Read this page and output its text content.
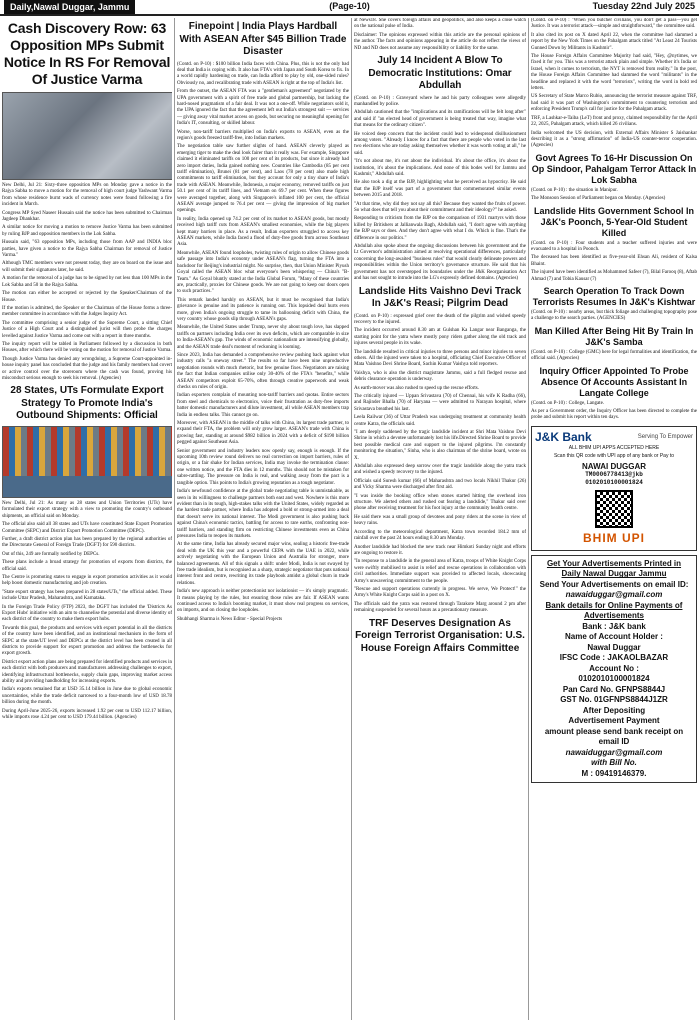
Daily,Nawal Duggar, Jammu	(Page-10)	Tuesday 22nd July 2025
Cash Discovery Row: 63 Opposition MPs Submit Notice In RS For Removal Of Justice Varma

New Delhi, Jul 21: Sixty-three opposition MPs on Monday gave a notice in the Rajya Sabha to move a motion for the removal of high court judge Yashwant Varma from whose residence burnt wads of currency notes were found following a fire incident in March.

Congress MP Syed Naseer Hussain said the notice has been submitted to Chairman Jagdeep Dhankhar.

A similar notice for moving a motion to remove Justice Varma has been submitted by ruling BJP and opposition members in the Lok Sabha.

Hussain said, "63 opposition MPs, including those from AAP and INDIA bloc parties, have given a notice to the Rajya Sabha Chairman for removal of Justice Varma."

Although TMC members were not present today, they are on board on the issue and will submit their signatures later, he said.

A motion for the removal of a judge has to be signed by not less than 100 MPs in the Lok Sabha and 50 in the Rajya Sabha.

The motion can either be accepted or rejected by the Speaker/Chairman of the House.

If the motion is admitted, the Speaker or the Chairman of the House forms a three-member committee in accordance with the Judges Inquiry Act.

The committee comprising a senior judge of the Supreme Court, a sitting Chief Justice of a High Court and a distinguished jurist will then probe the charges levelled against Justice Varma and come out with a report in three months.

The inquiry report will be tabled in Parliament followed by a discussion in both Houses, after which there will be voting on the motion for removal of Justice Varma.

Though Justice Varma has denied any wrongdoing, a Supreme Court-appointed in-house inquiry panel has concluded that the judge and his family members had covert or active control over the storeroom where the cash was found, proving his misconduct serious enough to seek his removal. (Agencies)

28 States, UTs Formulate Export Strategy To Promote India's Outbound Shipments: Official

New Delhi, Jul 21: As many as 28 states and Union Territories (UTs) have formulated their export strategy with a view to promoting the country's outbound shipments, an official said on Monday.

The official also said all 38 states and UTs have constituted State Export Promotion Committee (SEPC) and District Export Promotion Committee (DEPC).

Further, a draft district action plan has been prepared by the regional authorities of the Directorate General of Foreign Trade (DGFT) for 590 districts.

Out of this, 249 are formally notified by DEPCs.

These plans include a broad strategy for promotion of exports from districts, the official said.

The Centre is promoting states to engage in export promotion activities as it would help boost domestic manufacturing and job creation.

"State export strategy has been prepared in 28 states/UTs," the official added. These include Uttar Pradesh, Maharashtra, and Karnataka.

In the Foreign Trade Policy (FTP) 2023, the DGFT has included the 'Districts As Export Hubs' initiative with an aim to channelise the potential and diverse identity of each district of the country to make them export hubs.

Towards this goal, the products and services with export potential in all the districts of the country have been identified, and an institutional mechanism in the form of SEPC at the state/UT level and DEPCs at the district level has been created in all districts to provide support for export promotion and address the bottlenecks for export growth.

District export action plans are being prepared for identified products and services in each district with both producers and manufacturers addressing challenges to export, identifying infrastructural bottlenecks, supply chain gaps, improving market access ability and providing handholding for increasing exports.

India's exports remained flat at USD 35.14 billion in June due to global economic uncertainties, while the trade deficit narrowed to a four-month low of USD 18.78 billion during the month.

During April-June 2025-26, exports increased 1.92 per cent to USD 112.17 billion, while imports rose 4.24 per cent to USD 179.44 billion. (Agencies)

Finepoint | India Plays Hardball With ASEAN After $45 Billion Trade Disaster

(Contd. on P-10) : $100 billion India faces with China. Plus, this is not the only bad deal that India is coping with. It also has FTA's with Japan and South Korea to fix. In a world rapidly hardening on trade, can India afford to play by old, one-sided rules? Obviously no, and recalibrating trade with ASEAN is right at the top of India's list.

From the outset, the ASEAN FTA was a "gentleman's agreement" negotiated by the UPA government with a spirit of free trade and global partnership, but lacking the hard-nosed pragmatism of a fair deal. It was not a one-off. While negotiators sold it, the UPA ignored the fact that the agreement left out India's strongest suit — services — giving away vital market access on goods, but securing no meaningful opening for India's IT, consulting, or skilled labour.

Worse, non-tariff barriers multiplied on India's exports to ASEAN, even as the region's goods freezed tariff-free, into Indian markets.

The negotiation table saw further slights of hand. ASEAN cleverly played as emerging tiger to make the deal look fairer than it really was. For example, Singapore claimed it eliminated tariffs on 100 per cent of its products, but since it already had zero import duties, India gained nothing new. Countries like Cambodia (85 per cent tariff elimination), Brunei (81 per cent), and Laos (78 per cent) also made high commitments to tariff elimination, but they account for only a tiny share of India's trade with ASEAN. Meanwhile, Indonesia, a major economy, removed tariffs on just 50.1 per cent of its tariff lines, and Vietnam on 69.7 per cent. When these figures were averaged together, along with Singapore's inflated 100 per cent, the official ASEAN average jumped to 76.4 per cent — giving the impression of big market openings.

In reality, India opened up 74.2 per cent of its market to ASEAN goods, but mostly received high tariff cuts from ASEAN's smallest economies, while the big players kept many barriers in place. As a result, Indian exporters struggled to access key ASEAN markets, while India faced a flood of duty-free goods from across Southeast Asia.

Meanwhile, ASEAN found loopholes, twisting rules of origin to allow Chinese goods safe passage into India's economy under ASEAN's flag, turning the FTA into a backdoor for Beijing's industrial might. No surprise, then, that Union Minister Piyush Goyal called the ASEAN bloc what everyone's been whispering — China's "B-Team." As Goyal bluntly stated at the India Global Forum, "Many of these countries are, practically, proxies for Chinese goods. We are not going to keep our doors open to such practices."

This remark landed harshly on ASEAN, but it must be recognised that India's grievance is genuine and its patience is running out. This lopsided deal hurts even more, given India's ongoing struggle to tame its ballooning deficit with China, the very country whose goods slip through ASEAN's gaps.

Meanwhile, the United States under Trump, never shy about tough love, has slapped tariffs on partners including India over its own deficits, which are comparable in size to India-ASEAN's gap. The winds of economic nationalism are intensifying globally, and the ASEAN trade deal's moment of reckoning is looming.

Since 2023, India has demanded a comprehensive review pushing back against what industry calls "a oneway street." The results so far have been nine unproductive negotiation rounds with much rhetoric, but few genuine fixes. Negotiators are raising the fact that Indian companies utilise only 30-40% of the FTA's "benefits," while ASEAN competitors exploit 65-70%, often through creative paperwork and weak checks on rules of origin.

Indian exporters complain of mounting non-tariff barriers and quotas. Entire sectors from steel and chemicals to electronics, voice their frustration as duty-free imports batter domestic manufacturers and dilute investment, all while ASEAN members trap India in endless talks. This cannot go on.

Moreover, with ASEAN in the middle of talks with China, its largest trade partner, to expand their FTA, the problem will only grow larger. ASEAN's trade with China is growing fast, standing at around $982 billion in 2024 with a deficit of $190 billion pegged against Southeast Asia.

Senior government and industry leaders now openly say, enough is enough. If the upcoming 10th review round delivers no real correction on import barriers, rules of origin, or a fair shake for Indian services, India may invoke the termination clause: one written notice, and the FTA dies in 12 months. This should not be mistaken for sabre-rattling. The pressure on India is real, and walking away from the pact is a tangible option. This points to India's growing reputation as a tough negotiator.

India's newfound confidence at the global trade negotiating table is unmistakable, as seen in its willingness to challenge partners both east and west. Nowhere is this more evident than in its tough, high-stakes talks with the United States, widely regarded as the hardest trade partner, where India has adopted a bold or strong-armed into a deal that doesn't serve its national interest. The Modi government is also pushing back against China's economic tactics, battling for access to rare earths, confronting non-tariff barriers, and standing firm on restricting Chinese investments even as China pressures India to reopen its markets.

At the same time, India has already secured major wins, sealing a historic free-trade deal with the UK this year and a powerful CEPA with the UAE in 2022, while actively negotiating with the European Union and Australia for stronger, more balanced agreements. All of this signals a shift: under Modi, India is not swayed by free trade idealism, but is recognised as a sharp, strategic negotiator that puts national interest front and centre, rewriting its trade playbook amidst a global churn in trade relations.

India's new approach is neither protectionist nor isolationist — it's simply pragmatic. It means playing by the rules, but ensuring those rules are fair. If ASEAN wants continued access to India's booming market, it must show real progress on services, on imports, and on closing the loopholes.

Shubhangi Sharma is News Editor - Special Projects

at News18. She covers foreign affairs and geopolitics, and also keeps a close watch on the national pulse of India.

Disclaimer: The opinions expressed within this article are the personal opinions of the author. The facts and opinions appearing in the article do not reflect the views of ND and ND does not assume any responsibility or liability for the same.

July 14 Incident A Blow To Democratic Institutions: Omar Abdullah

(Contd. on P-10) : Graveyard where he and his party colleagues were allegedly manhandled by police.

Abdullah cautioned that the "implications and its ramifications will be felt long after" and said if "an elected head of government is being treated that way, imagine what that means for the ordinary citizen".

He voiced deep concern that the incident could lead to widespread disillusionment among voters. "Already I know for a fact that there are people who voted in the last two elections who are today asking themselves whether it was worth voting at all," he said.

"It's not about me, it's not about the individual. It's about the office, it's about the institution, it's about the implications. And none of this bodes well for Jammu and Kashmir," Abdullah said.

He also took a dig at the BJP, highlighting what he perceived as hypocrisy. He said that the BJP itself was part of a government that commemorated similar events between 2015 and 2018.

"At that time, why did they not say all this? Because they wanted the fruits of power. So what does that tell you about their commitment and their ideology?" he asked.

Responding to criticism from the BJP on the comparison of 1931 martyrs with those killed by Britishers at Jallianwala Bagh, Abdullah said, "I don't agree with anything the BJP says or does. And they don't agree with what I do. Which is fine. That's the difference in our politics."

Abdullah also spoke about the ongoing discussions between his government and the Lt Governor's administration aimed at resolving operational differences, particularly concerning the long-awaited "business rules" that would clearly delineate powers and responsibilities within the Union territory's governance structure. He said that his government has not overstepped its boundaries under the J&K Reorganisation Act and has not sought to intrude into the LG's expressly defined domains. (Agencies)

Landslide Hits Vaishno Devi Track In J&K's Reasi; Pilgrim Dead

(Contd. on P-10) : expressed grief over the death of the pilgrim and wished speedy recovery to the injured.

The incident occurred around 8.30 am at Gulshan Ka Langar near Banganga, the starting point for the yatra where mostly pony riders gather along the old track and injures several people in its wake.

The landslide resulted in critical injuries to three persons and minor injuries to seven others. All the injured were taken to a hospital, officiating Chief Executive Officer of Mata Vaishno Devi Shrine Board, Sachin Kumar Vaishya told reporters.

Vaishya, who is also the district magistrate Jammu, said a full fledged rescue and debris clearance operation is underway.

As earth-mover was also rushed to speed up the rescue efforts.

The critically injured — Uppan Srivastava (70) of Chennai, his wife K Radha (66), and Rajinder Bhalla (70) of Haryana — were admitted to Narayan hospital, where Srivastava breathed his last.

Leela Railwar (36) of Uttar Pradesh was undergoing treatment at community health centre Katra, the officials said.

"I am deeply saddened by the tragic landslide incident at Shri Mata Vaishno Devi Shrine in which a devotee unfortunately lost his life.Directed Shrine Board to provide best possible medical care and support to the injured pilgrims. I'm constantly monitoring the situation," Sinha, who is also chairman of the shrine board, wrote on X.

Abdullah also expressed deep sorrow over the tragic landslide along the yatra track and wished a speedy recovery to the injured.

Officials said Suresh kumar (66) of Maharashtra and two locals Nikhil Thakur (26) and Vicky Sharma were discharged after first aid.

"I was inside the booking office when stones started hitting the overhead iron structure. We alerted others and rushed out fearing a landslide," Thakur said over phone after receiving treatment for his foot injury at the community health centre.

He said there was a small group of devotees and pony riders at the scene in view of heavy rains.

According to the meteorological department, Katra town recorded 184.2 mm of rainfall over the past 24 hours ending 8.30 am Monday.

Another landslide had blocked the new track near Himkoti Sunday night and efforts are ongoing to restore it.

"In response to a landslide in the general area of Katra, troops of White Knight Corps were swiftly mobilised to assist in relief and rescue operations in collaboration with civil authorities. Immediate support was provided to affected locals, showcasing Army's unwavering commitment to the people.

"Rescue and support operations currently in progress. We serve, We Protect!" the Army's White Knight Corps said in a post on X.

The officials said the yatra was restored through Tarakote Marg around 2 pm after remaining suspended for several hours as a precautionary measure.

TRF Deserves Designation As Foreign Terrorist Organisation: U.S. House Foreign Affairs Committee

(Contd. on P-10) : "When you butcher civilians, you don't get a pass—you get Justice. It was a terrorist attack—simple and straightforward," the committee said.

It also cited its post on X dated April 22, when the committee had slammed a report by the New York Times on the Pahalgam attack titled "At Least 24 Tourists Gunned Down by Militants in Kashmir".

The House Foreign Affairs Committee Majority had said, "Hey, @nytimes, we fixed it for you. This was a terrorist attack plain and simple. Whether it's India or Israel, when it comes to terrorism, the NYT is removed from reality." In the post, the House Foreign Affairs Committee had slammed the word "militants" in the headline and replaced it with the word "terrorists", writing the word in bold red letters.

US Secretary of State Marco Rubio, announcing the terrorist measure against TRF, had said it was part of Washington's commitment to countering terrorism and enforcing President Trump's call for justice for the Pahalgam attack.

TRF, a Lashkar-e-Taiba (LeT) front and proxy, claimed responsibility for the April 22, 2025, Pahalgam attack, which killed 26 civilians.

India welcomed the US decision, with External Affairs Minister S Jaishankar describing it as a "strong affirmation" of India-US counter-terror cooperation. (Agencies)

Govt Agrees To 16-Hr Discussion On Op Sindoor, Pahalgam Terror Attack In Lok Sabha

(Contd. on P-10) : the situation in Manipur.

The Monsoon Session of Parliament began on Monday. (Agencies)

Landslide Hits Government School In J&K's Poonch, 5-Year-Old Student Killed

(Contd. on P-10) : Four students and a teacher suffered injuries and were evacuated to a hospital in Poonch.

The deceased has been identified as five-year-old Ehsan Ali, resident of Kalsa Bhaint.

The injured have been identified as Mohammed Safeer (7), Bilal Farooq (8), Aftab Ahmad (7) and Tobia Kausar (7)

Search Operation To Track Down Terrorists Resumes In J&K's Kishtwar

(Contd. on P-10) : nearby areas, but thick foliage and challenging topography pose a challenge to the search parties. (AGENCIES)

Man Killed After Being Hit By Train In J&K's Samba

(Contd. on P-10) : College (GMC) here for legal formalities and identification, the official said. (Agencies)

Inquiry Officer Appointed To Probe Absence Of Accounts Assistant In Langate College

(Contd. on P-10) : College, Langate.

As per a Government order, the Inquiry Officer has been directed to complete the probe and submit his report within ten days.

J&K Bank	Serving To Empower
ALL BHIM UPI APPS ACCEPTED HERE
Scan this QR code with UPI app of any bank or Pay to
NAWAI DUGGAR
TM0006778413@jkb
0102010100001824
BHIM UPI

Get Your Advertisements Printed in

Daily Nawal Duggar Jammu

Send Your Advertisements on email ID:

nawaiduggar@gmail.com

Bank details for Online Payments of Advertisements

Bank : J&K bank

Name of Account Holder :

Nawal Duggar

IFSC Code : JAKAOLBAZAR

Account No :

0102010100001824

Pan Card No. GFNPS8844J

GST No. 01GFNPS8844J1ZR

After Depositing

Advertisement Payment

amount please send bank receipt on email ID

nawaiduggar@gmail.com

with Bill No.

M : 09419146379.
